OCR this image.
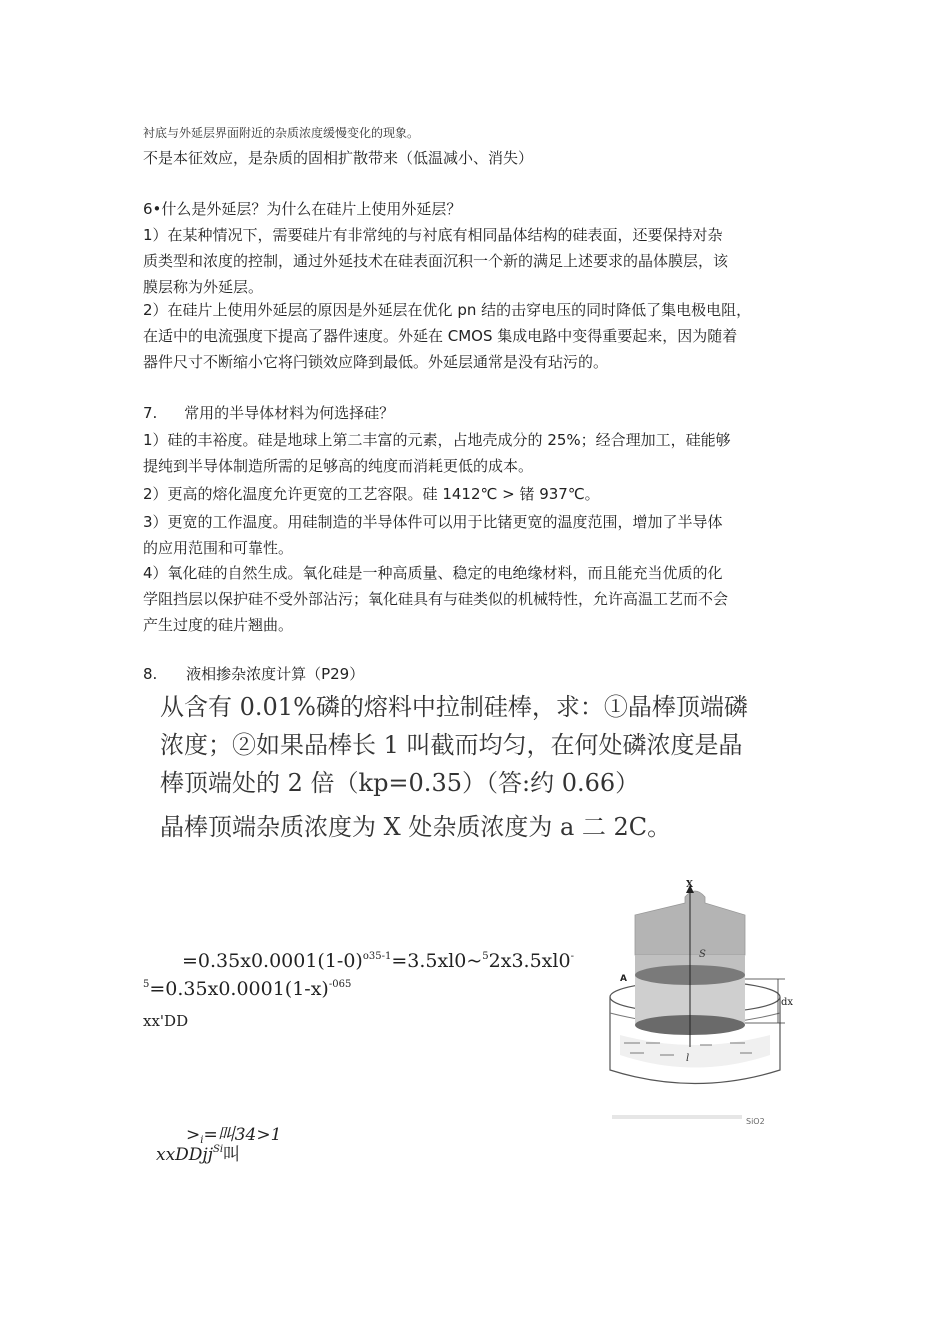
衬底与外延层界面附近的杂质浓度缓慢变化的现象。
不是本征效应，是杂质的固相扩散带来（低温减小、消失）
6•什么是外延层？为什么在硅片上使用外延层？
1）在某种情况下，需要硅片有非常纯的与衬底有相同晶体结构的硅表面，还要保持对杂
质类型和浓度的控制，通过外延技术在硅表面沉积一个新的满足上述要求的晶体膜层，该
膜层称为外延层。
2）在硅片上使用外延层的原因是外延层在优化 pn 结的击穿电压的同时降低了集电极电阻，
在适中的电流强度下提高了器件速度。外延在 CMOS 集成电路中变得重要起来，因为随着
器件尺寸不断缩小它将闩锁效应降到最低。外延层通常是没有玷污的。
7. 常用的半导体材料为何选择硅？
1）硅的丰裕度。硅是地球上第二丰富的元素，占地壳成分的 25%；经合理加工，硅能够
提纯到半导体制造所需的足够高的纯度而消耗更低的成本。
2）更高的熔化温度允许更宽的工艺容限。硅 1412℃ > 锗 937℃。
3）更宽的工作温度。用硅制造的半导体件可以用于比锗更宽的温度范围，增加了半导体
的应用范围和可靠性。
4）氧化硅的自然生成。氧化硅是一种高质量、稳定的电绝缘材料，而且能充当优质的化
学阻挡层以保护硅不受外部沾污；氧化硅具有与硅类似的机械特性，允许高温工艺而不会
产生过度的硅片翘曲。
8. 液相掺杂浓度计算（P29）
从含有 0.01%磷的熔料中拉制硅棒，求：①晶棒顶端磷
浓度；②如果品棒长 1 叫截而均匀，在何处磷浓度是晶
棒顶端处的 2 倍（kp=0.35）（答:约 0.66）
晶棒顶端杂质浓度为 X 处杂质浓度为 a 二 2C。
$=0.35x0.0001(1-0)^{o35-1}=3.5xl0\sim^52x3.5xl0^-$
$^5=0.35x0.0001(1-x)^{-065}$
xx'DD
$>_i=$叫34>1
xxDDjj$^{Si}$叫
X
S
A
dx
l
SiO2
